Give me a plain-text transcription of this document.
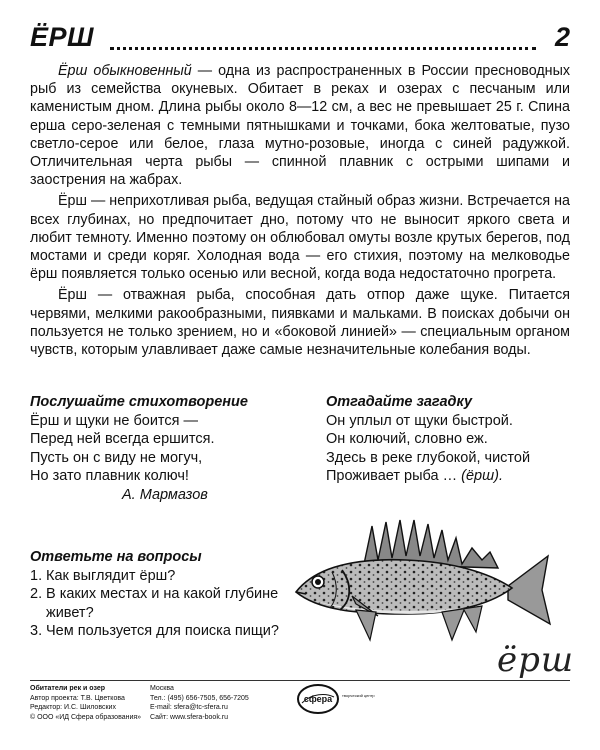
ЁРШ	2

Ёрш обыкновенный — одна из распространенных в России пресноводных рыб из семейства окуневых. Обитает в реках и озерах с песчаным или каменистым дном. Длина рыбы около 8—12 см, а вес не превышает 25 г. Спина ерша серо-зеленая с темными пятнышками и точками, бока желтоватые, пузо светло-серое или белое, глаза мутно-розовые, иногда с синей радужкой. Отличительная черта рыбы — спинной плавник с острыми шипами и заострения на жабрах.

Ёрш — неприхотливая рыба, ведущая стайный образ жизни. Встречается на всех глубинах, но предпочитает дно, потому что не выносит яркого света и любит темноту. Именно поэтому он облюбовал омуты возле крутых берегов, под мостами и среди коряг. Холодная вода — его стихия, поэтому на мелководье ёрш появляется только осенью или весной, когда вода недостаточно прогрета.

Ёрш — отважная рыба, способная дать отпор даже щуке. Питается червями, мелкими ракообразными, пиявками и мальками. В поисках добычи он пользуется не только зрением, но и «боковой линией» — специальным органом чувств, которым улавливает даже самые незначительные колебания воды.

Послушайте стихотворение
Ёрш и щуки не боится —
Перед ней всегда ершится.
Пусть он с виду не могуч,
Но зато плавник колюч!
А. Мармазов
Отгадайте загадку
Он уплыл от щуки быстрой.
Он колючий, словно еж.
Здесь в реке глубокой, чистой
Проживает рыба … (ёрш).
Ответьте на вопросы
1. Как выглядит ёрш?
2. В каких местах и на какой глубине живет?
3. Чем пользуется для поиска пищи?
ёрш
Обитатели рек и озер
Автор проекта: Т.В. Цветкова
Редактор: И.С. Шиловских
© ООО «ИД Сфера образования»
Москва
Тел.: (495) 656-7505, 656-7205
E-mail: sfera@tc-sfera.ru
Сайт: www.sfera-book.ru
сфера творческий центр
